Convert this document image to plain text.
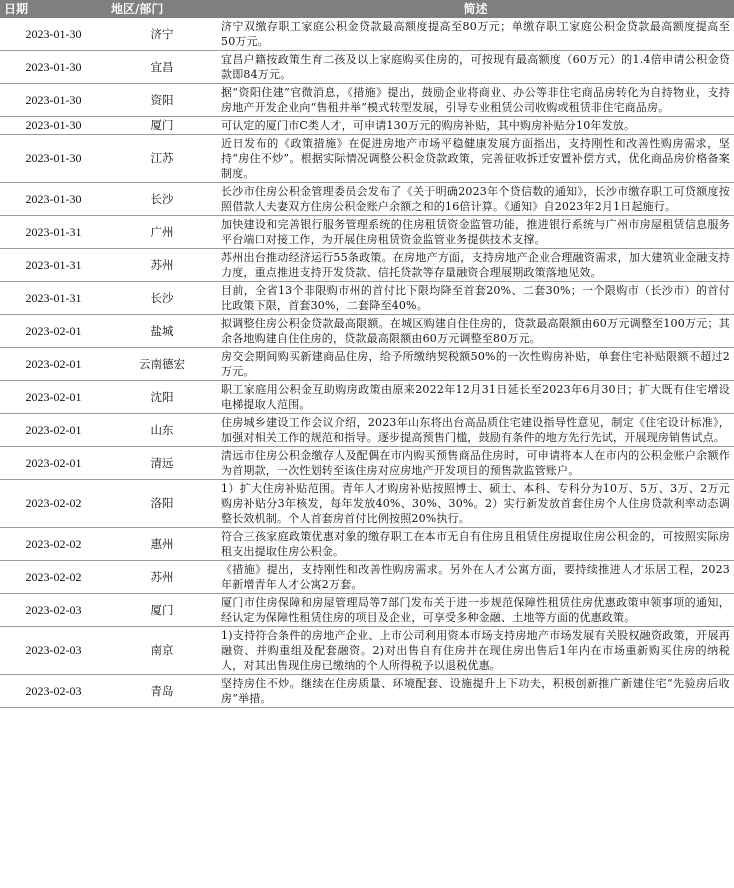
日期	地区/部门	简述
2023-01-30	济宁	济宁双缴存职工家庭公积金贷款最高额度提高至80万元；单缴存职工家庭公积金贷款最高额度提高至50万元。
2023-01-30	宜昌	宜昌户籍按政策生育二孩及以上家庭购买住房的，可按现有最高额度（60万元）的1.4倍申请公积金贷款即84万元。
2023-01-30	资阳	据“资阳住建”官微消息，《措施》提出，鼓励企业将商业、办公等非住宅商品房转化为自持物业，支持房地产开发企业向“售租并举”模式转型发展，引导专业租赁公司收购或租赁非住宅商品房。
2023-01-30	厦门	可认定的厦门市C类人才，可申请130万元的购房补贴，其中购房补贴分10年发放。
2023-01-30	江苏	近日发布的《政策措施》在促进房地产市场平稳健康发展方面指出，支持刚性和改善性购房需求，坚持“房住不炒”。根据实际情况调整公积金贷款政策，完善征收拆迁安置补偿方式，优化商品房价格备案制度。
2023-01-30	长沙	长沙市住房公积金管理委员会发布了《关于明确2023年个贷信数的通知》，长沙市缴存职工可贷额度按照借款人夫妻双方住房公积金账户余额之和的16倍计算。《通知》自2023年2月1日起施行。
2023-01-31	广州	加快建设和完善银行服务管理系统的住房租赁资金监管功能，推进银行系统与广州市房屋租赁信息服务平台端口对接工作，为开展住房租赁资金监管业务提供技术支撑。
2023-01-31	苏州	苏州出台推动经济运行55条政策。在房地产方面，支持房地产企业合理融资需求，加大建筑业金融支持力度，重点推进支持开发贷款、信托贷款等存量融资合理展期政策落地见效。
2023-01-31	长沙	目前，全省13个非限购市州的首付比下限均降至首套20%、二套30%；一个限购市（长沙市）的首付比政策下限，首套30%，二套降至40%。
2023-02-01	盐城	拟调整住房公积金贷款最高限额。在城区购建自住住房的，贷款最高限额由60万元调整至100万元；其余各地购建自住住房的，贷款最高限额由60万元调整至80万元。
2023-02-01	云南德宏	房交会期间购买新建商品住房，给予所缴纳契税额50%的一次性购房补贴，单套住宅补贴限额不超过2万元。
2023-02-01	沈阳	职工家庭用公积金互助购房政策由原来2022年12月31日延长至2023年6月30日；扩大既有住宅增设电梯提取人范围。
2023-02-01	山东	住房城乡建设工作会议介绍，2023年山东将出台高品质住宅建设指导性意见，制定《住宅设计标准》，加强对相关工作的规范和指导。逐步提高预售门槛，鼓励有条件的地方先行先试，开展现房销售试点。
2023-02-01	清远	清远市住房公积金缴存人及配偶在市内购买预售商品住房时，可申请将本人在市内的公积金账户余额作为首期款，一次性划转至该住房对应房地产开发项目的预售款监管账户。
2023-02-02	洛阳	1）扩大住房补贴范围。青年人才购房补贴按照博士、硕士、本科、专科分为10万、5万、3万、2万元购房补贴分3年核发，每年发放40%、30%、30%。2）实行新发放首套住房个人住房贷款利率动态调整长效机制。个人首套房首付比例按照20%执行。
2023-02-02	惠州	符合三孩家庭政策优惠对象的缴存职工在本市无自有住房且租赁住房提取住房公积金的，可按照实际房租支出提取住房公积金。
2023-02-02	苏州	《措施》提出，支持刚性和改善性购房需求。另外在人才公寓方面，要持续推进人才乐居工程，2023年新增青年人才公寓2万套。
2023-02-03	厦门	厦门市住房保障和房屋管理局等7部门发布关于进一步规范保障性租赁住房优惠政策申领事项的通知，经认定为保障性租赁住房的项目及企业，可享受多种金融、土地等方面的优惠政策。
2023-02-03	南京	1)支持符合条件的房地产企业、上市公司利用资本市场支持房地产市场发展有关股权融资政策，开展再融资、并购重组及配套融资。2)对出售自有住房并在现住房出售后1年内在市场重新购买住房的纳税人，对其出售现住房已缴纳的个人所得税予以退税优惠。
2023-02-03	青岛	坚持房住不炒。继续在住房质量、环境配套、设施提升上下功夫，积极创新推广新建住宅“先验房后收房”举措。
